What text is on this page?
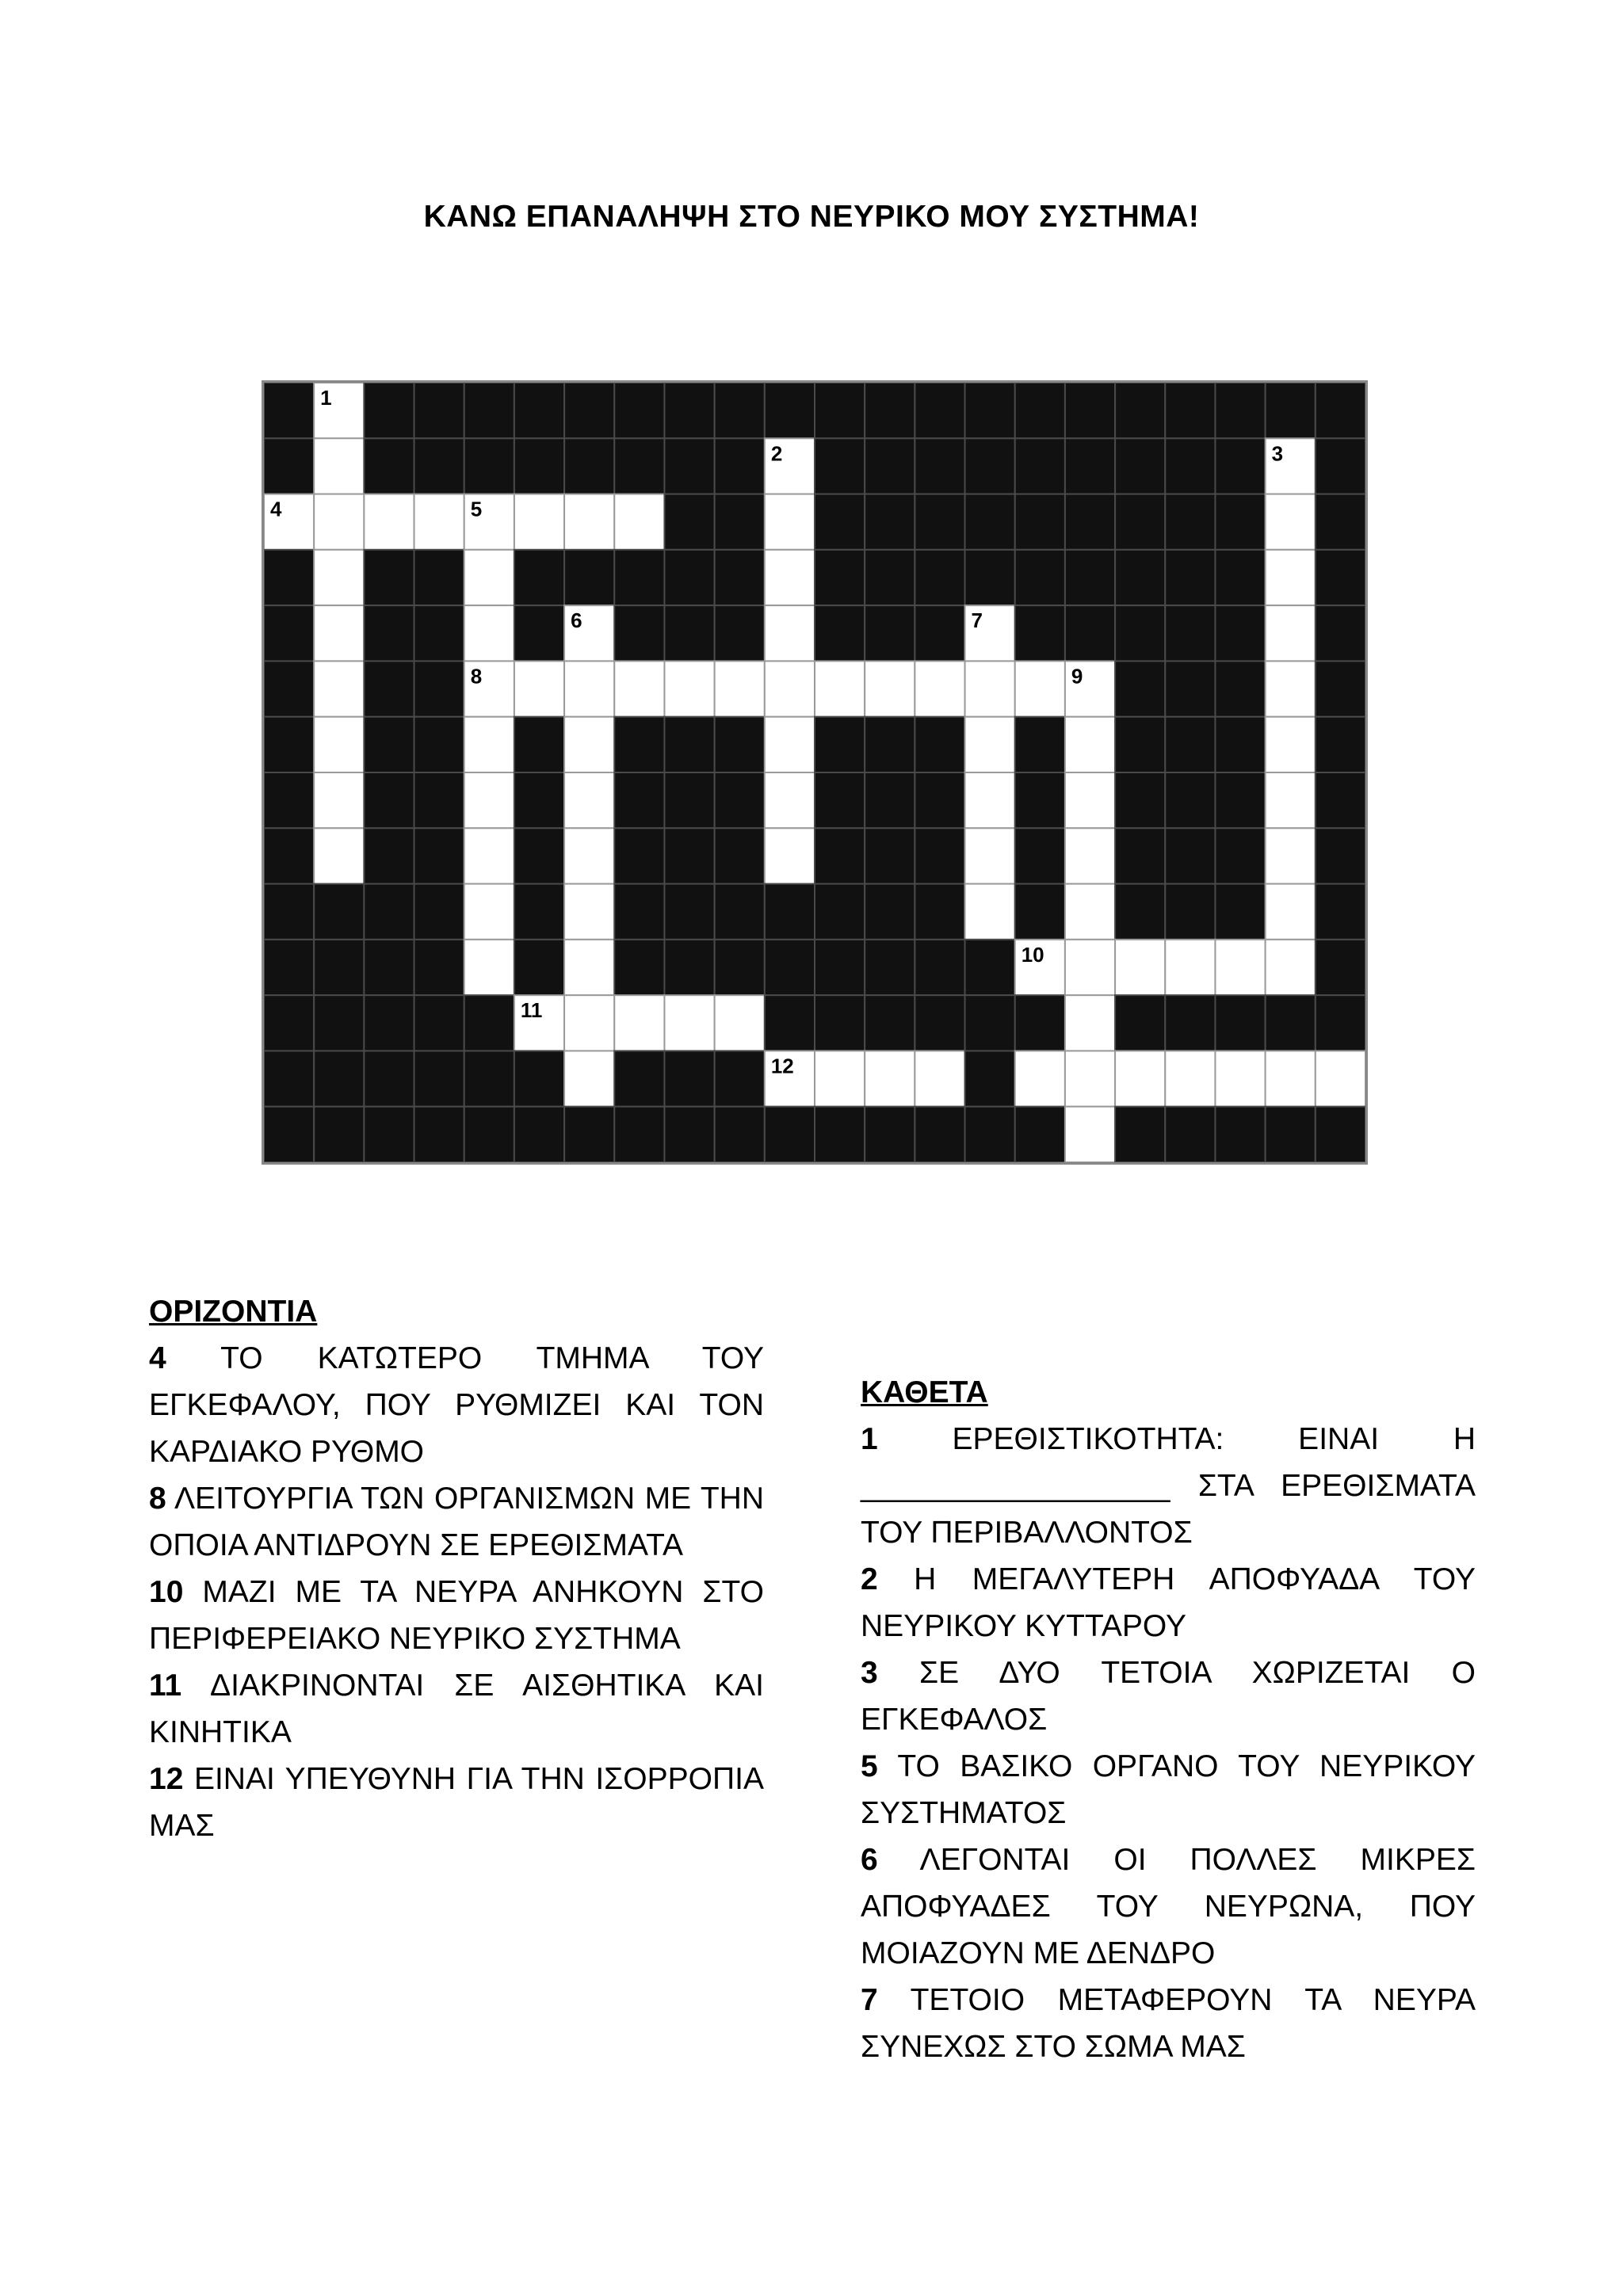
ΚΑΝΩ ΕΠΑΝΑΛΗΨΗ ΣΤΟ ΝΕΥΡΙΚΟ ΜΟΥ ΣΥΣΤΗΜΑ!
1
2	3
4	5
6	7
8	9
10
11
12
ΟΡΙΖΟΝΤΙΑ
4 ΤΟ ΚΑΤΩΤΕΡΟ ΤΜΗΜΑ ΤΟΥ ΕΓΚΕΦΑΛΟΥ, ΠΟΥ ΡΥΘΜΙΖΕΙ ΚΑΙ ΤΟΝ ΚΑΡΔΙΑΚΟ ΡΥΘΜΟ
8 ΛΕΙΤΟΥΡΓΙΑ ΤΩΝ ΟΡΓΑΝΙΣΜΩΝ ΜΕ ΤΗΝ ΟΠΟΙΑ ΑΝΤΙΔΡΟΥΝ ΣΕ ΕΡΕΘΙΣΜΑΤΑ
10 ΜΑΖΙ ΜΕ ΤΑ ΝΕΥΡΑ ΑΝΗΚΟΥΝ ΣΤΟ ΠΕΡΙΦΕΡΕΙΑΚΟ ΝΕΥΡΙΚΟ ΣΥΣΤΗΜΑ
11 ΔΙΑΚΡΙΝΟΝΤΑΙ ΣΕ ΑΙΣΘΗΤΙΚΑ ΚΑΙ ΚΙΝΗΤΙΚΑ
12 ΕΙΝΑΙ ΥΠΕΥΘΥΝΗ ΓΙΑ ΤΗΝ ΙΣΟΡΡΟΠΙΑ ΜΑΣ
ΚΑΘΕΤΑ
1 ΕΡΕΘΙΣΤΙΚΟΤΗΤΑ: ΕΙΝΑΙ Η __________________ ΣΤΑ ΕΡΕΘΙΣΜΑΤΑ ΤΟΥ ΠΕΡΙΒΑΛΛΟΝΤΟΣ
2 Η ΜΕΓΑΛΥΤΕΡΗ ΑΠΟΦΥΑΔΑ ΤΟΥ ΝΕΥΡΙΚΟΥ ΚΥΤΤΑΡΟΥ
3 ΣΕ ΔΥΟ ΤΕΤΟΙΑ ΧΩΡΙΖΕΤΑΙ Ο ΕΓΚΕΦΑΛΟΣ
5 ΤΟ ΒΑΣΙΚΟ ΟΡΓΑΝΟ ΤΟΥ ΝΕΥΡΙΚΟΥ ΣΥΣΤΗΜΑΤΟΣ
6 ΛΕΓΟΝΤΑΙ ΟΙ ΠΟΛΛΕΣ ΜΙΚΡΕΣ ΑΠΟΦΥΑΔΕΣ ΤΟΥ ΝΕΥΡΩΝΑ, ΠΟΥ ΜΟΙΑΖΟΥΝ ΜΕ ΔΕΝΔΡΟ
7 ΤΕΤΟΙΟ ΜΕΤΑΦΕΡΟΥΝ ΤΑ ΝΕΥΡΑ ΣΥΝΕΧΩΣ ΣΤΟ ΣΩΜΑ ΜΑΣ
